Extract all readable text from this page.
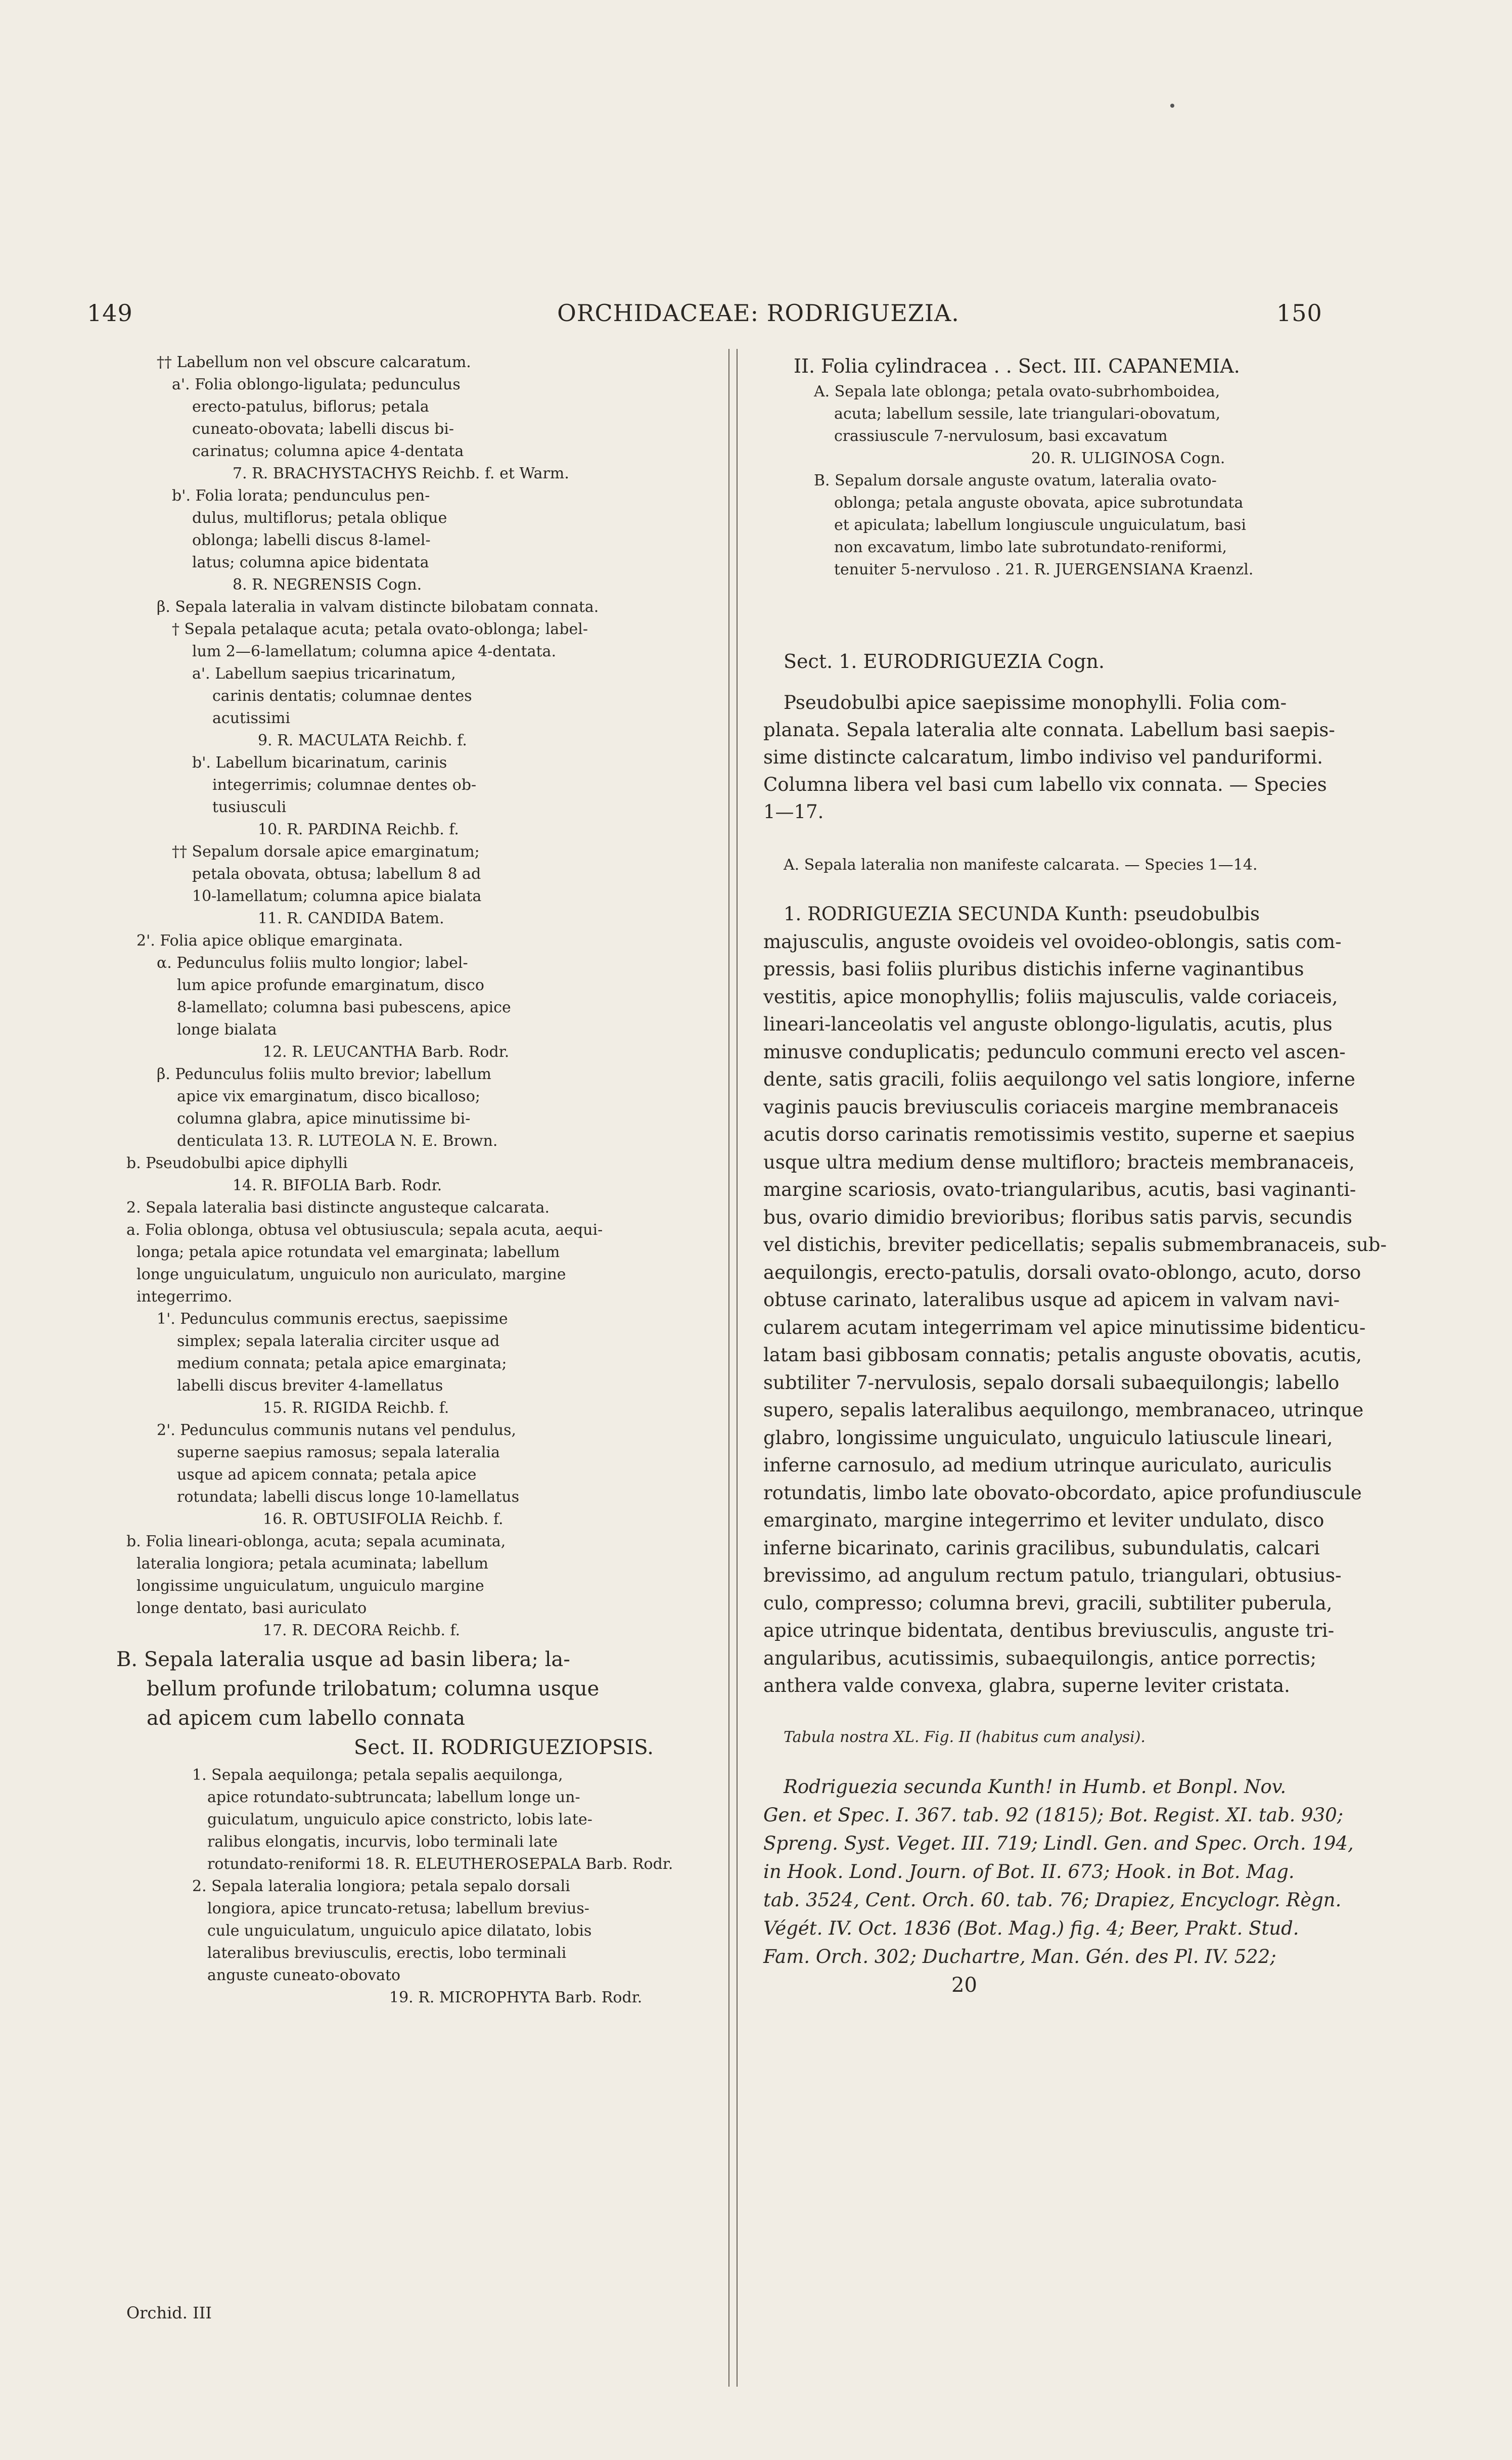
149	ORCHIDACEAE: RODRIGUEZIA.	150
†† Labellum non vel obscure calcaratum.
a'. Folia oblongo-ligulata; pedunculus
erecto-patulus, biflorus; petala
cuneato-obovata; labelli discus bi-
carinatus; columna apice 4-dentata
7. R. BRACHYSTACHYS Reichb. f. et Warm.
b'. Folia lorata; pendunculus pen-
dulus, multiflorus; petala oblique
oblonga; labelli discus 8-lamel-
latus; columna apice bidentata
8. R. NEGRENSIS Cogn.
β. Sepala lateralia in valvam distincte bilobatam connata.
† Sepala petalaque acuta; petala ovato-oblonga; label-
lum 2—6-lamellatum; columna apice 4-dentata.
a'. Labellum saepius tricarinatum,
carinis dentatis; columnae dentes
acutissimi
9. R. MACULATA Reichb. f.
b'. Labellum bicarinatum, carinis
integerrimis; columnae dentes ob-
tusiusculi
10. R. PARDINA Reichb. f.
†† Sepalum dorsale apice emarginatum;
petala obovata, obtusa; labellum 8 ad
10-lamellatum; columna apice bialata
11. R. CANDIDA Batem.
2'. Folia apice oblique emarginata.
α. Pedunculus foliis multo longior; label-
lum apice profunde emarginatum, disco
8-lamellato; columna basi pubescens, apice
longe bialata
12. R. LEUCANTHA Barb. Rodr.
β. Pedunculus foliis multo brevior; labellum
apice vix emarginatum, disco bicalloso;
columna glabra, apice minutissime bi-
denticulata 13. R. LUTEOLA N. E. Brown.
b. Pseudobulbi apice diphylli
14. R. BIFOLIA Barb. Rodr.
2. Sepala lateralia basi distincte angusteque calcarata.
a. Folia oblonga, obtusa vel obtusiuscula; sepala acuta, aequi-
longa; petala apice rotundata vel emarginata; labellum
longe unguiculatum, unguiculo non auriculato, margine
integerrimo.
1'. Pedunculus communis erectus, saepissime
simplex; sepala lateralia circiter usque ad
medium connata; petala apice emarginata;
labelli discus breviter 4-lamellatus
15. R. RIGIDA Reichb. f.
2'. Pedunculus communis nutans vel pendulus,
superne saepius ramosus; sepala lateralia
usque ad apicem connata; petala apice
rotundata; labelli discus longe 10-lamellatus
16. R. OBTUSIFOLIA Reichb. f.
b. Folia lineari-oblonga, acuta; sepala acuminata,
lateralia longiora; petala acuminata; labellum
longissime unguiculatum, unguiculo margine
longe dentato, basi auriculato
17. R. DECORA Reichb. f.
B. Sepala lateralia usque ad basin libera; la-
bellum profunde trilobatum; columna usque
ad apicem cum labello connata
Sect. II. RODRIGUEZIOPSIS.
1. Sepala aequilonga; petala sepalis aequilonga,
apice rotundato-subtruncata; labellum longe un-
guiculatum, unguiculo apice constricto, lobis late-
ralibus elongatis, incurvis, lobo terminali late
rotundato-reniformi 18. R. ELEUTHEROSEPALA Barb. Rodr.
2. Sepala lateralia longiora; petala sepalo dorsali
longiora, apice truncato-retusa; labellum brevius-
cule unguiculatum, unguiculo apice dilatato, lobis
lateralibus breviusculis, erectis, lobo terminali
anguste cuneato-obovato
19. R. MICROPHYTA Barb. Rodr.
Orchid. III
II. Folia cylindracea . . Sect. III. CAPANEMIA.
A. Sepala late oblonga; petala ovato-subrhomboidea,
acuta; labellum sessile, late triangulari-obovatum,
crassiuscule 7-nervulosum, basi excavatum
20. R. ULIGINOSA Cogn.
B. Sepalum dorsale anguste ovatum, lateralia ovato-
oblonga; petala anguste obovata, apice subrotundata
et apiculata; labellum longiuscule unguiculatum, basi
non excavatum, limbo late subrotundato-reniformi,
tenuiter 5-nervuloso . 21. R. JUERGENSIANA Kraenzl.
Sect. 1. EURODRIGUEZIA Cogn.
Pseudobulbi apice saepissime monophylli. Folia com-
planata. Sepala lateralia alte connata. Labellum basi saepis-
sime distincte calcaratum, limbo indiviso vel panduriformi.
Columna libera vel basi cum labello vix connata. — Species
1—17.
A. Sepala lateralia non manifeste calcarata. — Species 1—14.
1. RODRIGUEZIA SECUNDA Kunth: pseudobulbis
majusculis, anguste ovoideis vel ovoideo-oblongis, satis com-
pressis, basi foliis pluribus distichis inferne vaginantibus
vestitis, apice monophyllis; foliis majusculis, valde coriaceis,
lineari-lanceolatis vel anguste oblongo-ligulatis, acutis, plus
minusve conduplicatis; pedunculo communi erecto vel ascen-
dente, satis gracili, foliis aequilongo vel satis longiore, inferne
vaginis paucis breviusculis coriaceis margine membranaceis
acutis dorso carinatis remotissimis vestito, superne et saepius
usque ultra medium dense multifloro; bracteis membranaceis,
margine scariosis, ovato-triangularibus, acutis, basi vaginanti-
bus, ovario dimidio brevioribus; floribus satis parvis, secundis
vel distichis, breviter pedicellatis; sepalis submembranaceis, sub-
aequilongis, erecto-patulis, dorsali ovato-oblongo, acuto, dorso
obtuse carinato, lateralibus usque ad apicem in valvam navi-
cularem acutam integerrimam vel apice minutissime bidenticu-
latam basi gibbosam connatis; petalis anguste obovatis, acutis,
subtiliter 7-nervulosis, sepalo dorsali subaequilongis; labello
supero, sepalis lateralibus aequilongo, membranaceo, utrinque
glabro, longissime unguiculato, unguiculo latiuscule lineari,
inferne carnosulo, ad medium utrinque auriculato, auriculis
rotundatis, limbo late obovato-obcordato, apice profundiuscule
emarginato, margine integerrimo et leviter undulato, disco
inferne bicarinato, carinis gracilibus, subundulatis, calcari
brevissimo, ad angulum rectum patulo, triangulari, obtusius-
culo, compresso; columna brevi, gracili, subtiliter puberula,
apice utrinque bidentata, dentibus breviusculis, anguste tri-
angularibus, acutissimis, subaequilongis, antice porrectis;
anthera valde convexa, glabra, superne leviter cristata.
Tabula nostra XL. Fig. II (habitus cum analysi).
Rodriguezia secunda Kunth! in Humb. et Bonpl. Nov.
Gen. et Spec. I. 367. tab. 92 (1815); Bot. Regist. XI. tab. 930;
Spreng. Syst. Veget. III. 719; Lindl. Gen. and Spec. Orch. 194,
in Hook. Lond. Journ. of Bot. II. 673; Hook. in Bot. Mag.
tab. 3524, Cent. Orch. 60. tab. 76; Drapiez, Encyclogr. Règn.
Végét. IV. Oct. 1836 (Bot. Mag.) fig. 4; Beer, Prakt. Stud.
Fam. Orch. 302; Duchartre, Man. Gén. des Pl. IV. 522;
20
